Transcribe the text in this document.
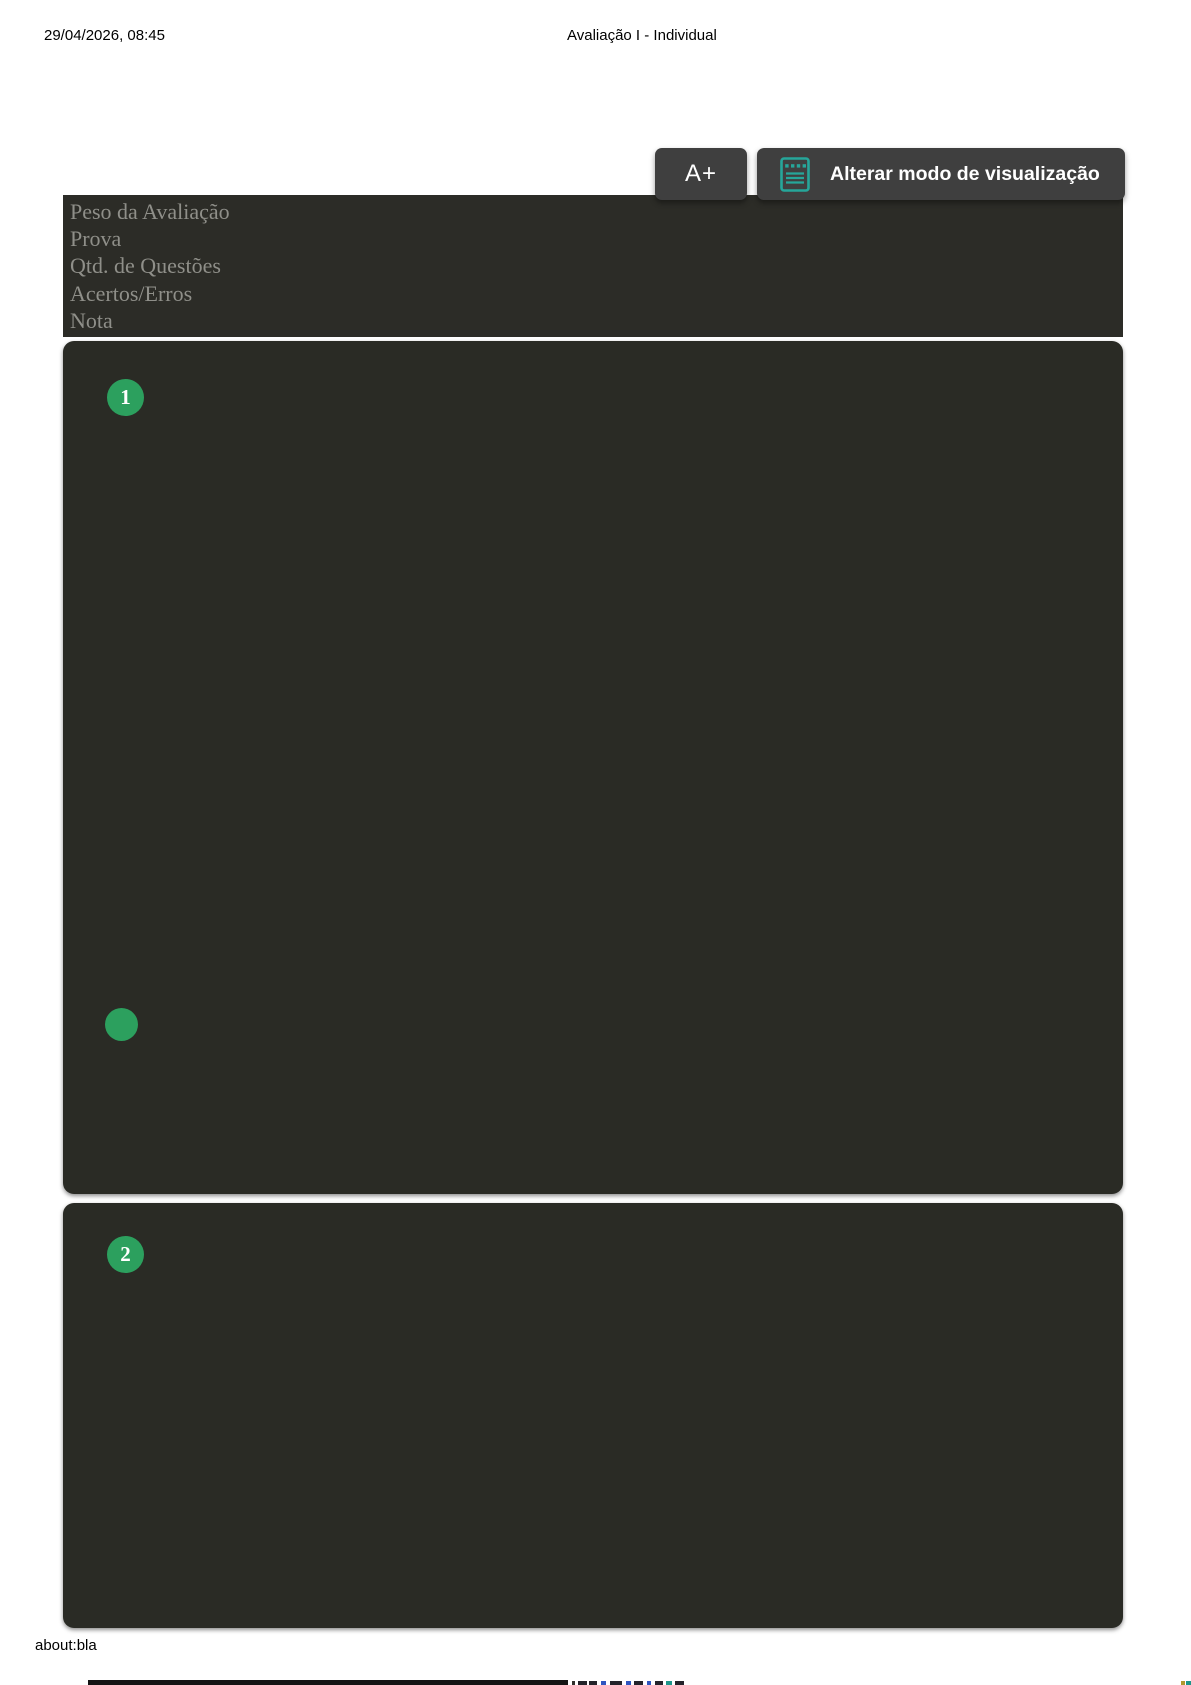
29/04/2026, 08:45	Avaliação I - Individual
A+	Alterar modo de visualização
Peso da Avaliação
Prova
Qtd. de Questões
Acertos/Erros
Nota
1
2
about:bla
